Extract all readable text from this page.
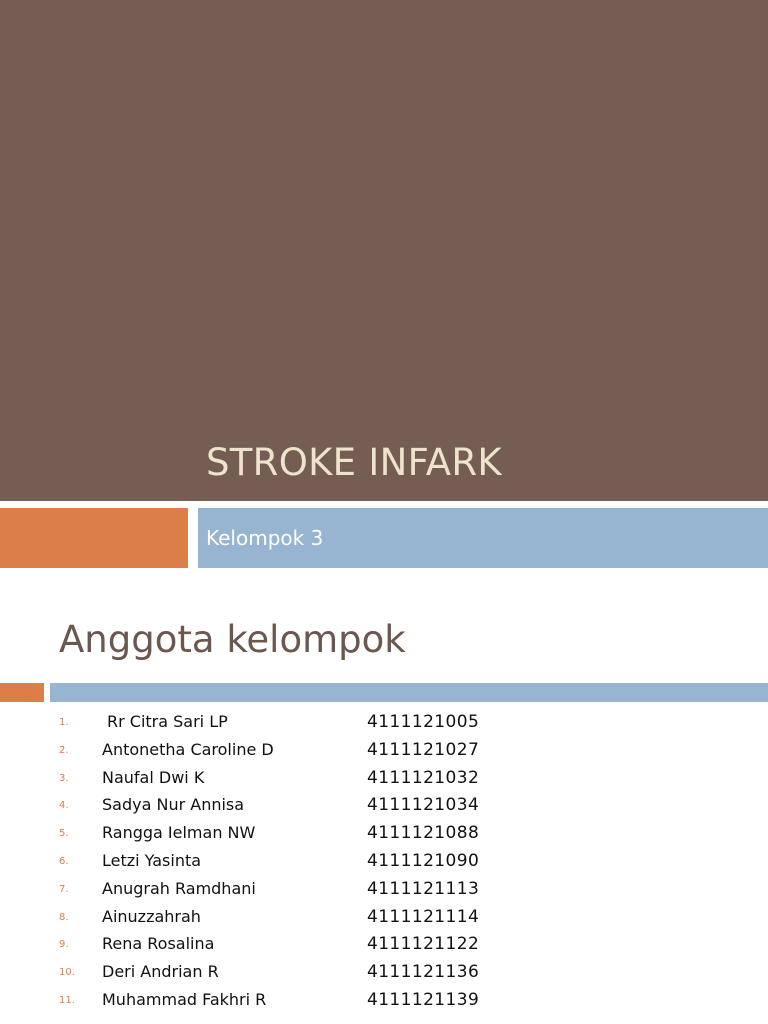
STROKE INFARK
Kelompok 3
Anggota kelompok
1. Rr Citra Sari LP	4111121005
2. Antonetha Caroline D	4111121027
3. Naufal Dwi K	4111121032
4. Sadya Nur Annisa	4111121034
5. Rangga Ielman NW	4111121088
6. Letzi Yasinta	4111121090
7. Anugrah Ramdhani	4111121113
8. Ainuzzahrah	4111121114
9. Rena Rosalina	4111121122
10. Deri Andrian R	4111121136
11. Muhammad Fakhri R	4111121139
